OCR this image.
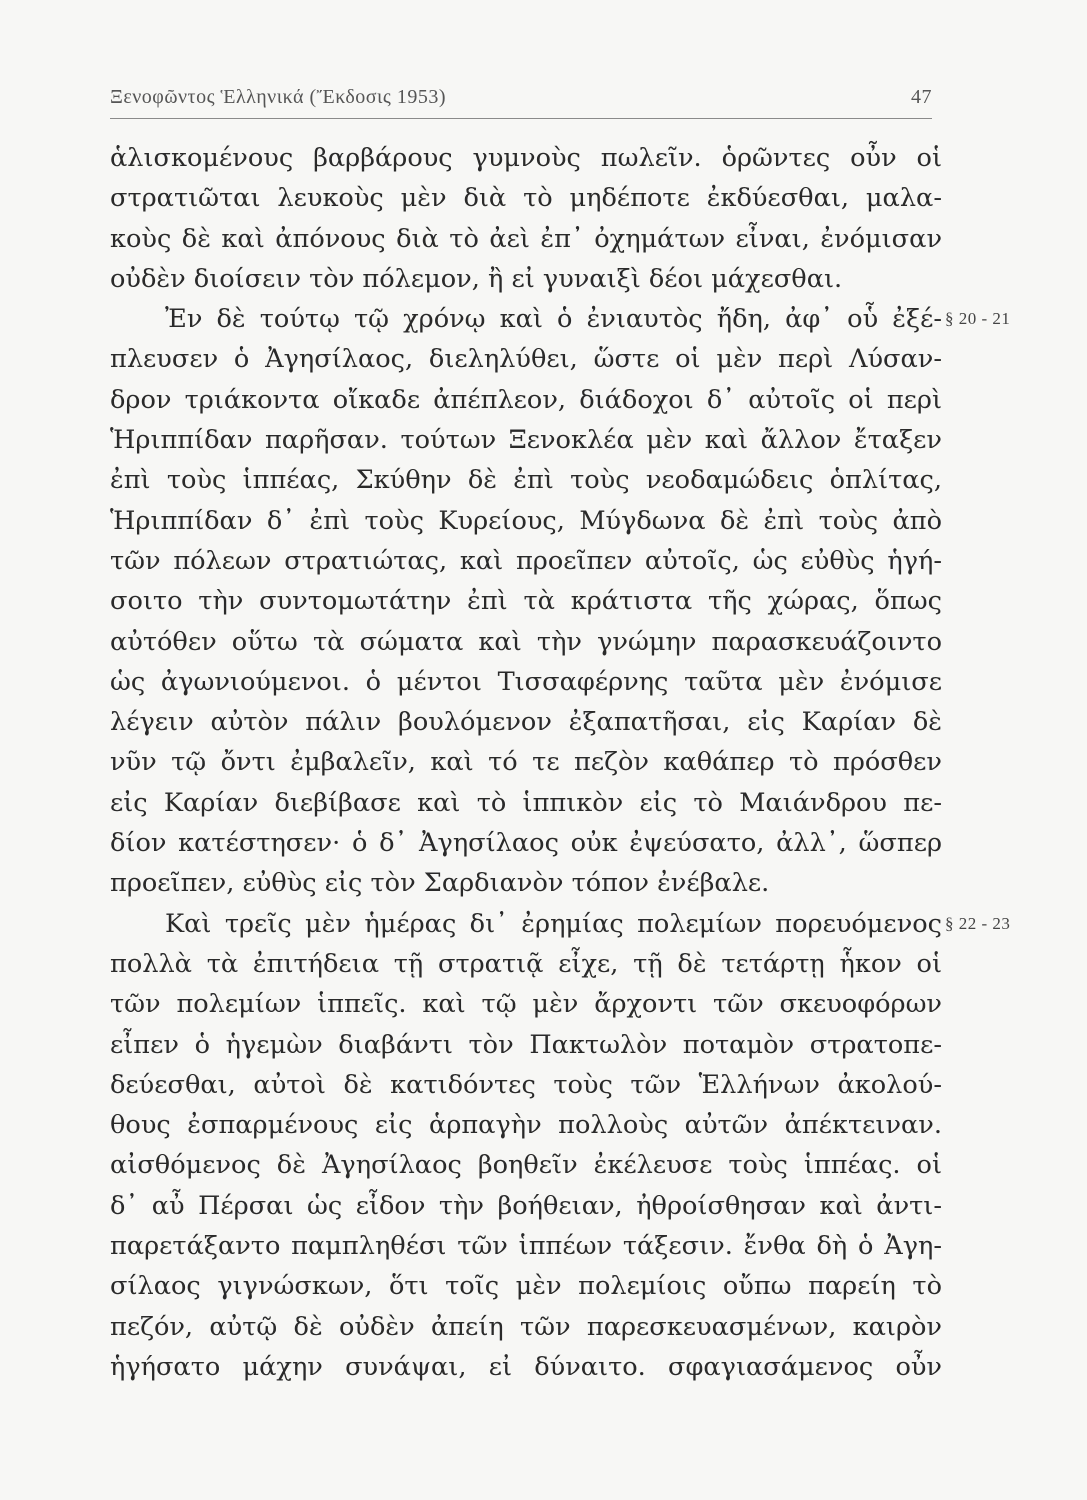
Ξενοφῶντος Ἑλληνικά (Ἔκδοσις 1953)	47
ἁλισκομένους βαρβάρους γυμνοὺς πωλεῖν. ὁρῶντες οὖν οἱ
στρατιῶται λευκοὺς μὲν διὰ τὸ μηδέποτε ἐκδύεσθαι, μαλα-
κοὺς δὲ καὶ ἀπόνους διὰ τὸ ἀεὶ ἐπ᾽ ὀχημάτων εἶναι, ἐνόμισαν
οὐδὲν διοίσειν τὸν πόλεμον, ἢ εἰ γυναιξὶ δέοι μάχεσθαι.
Ἐν δὲ τούτῳ τῷ χρόνῳ καὶ ὁ ἐνιαυτὸς ἤδη, ἀφ᾽ οὗ ἐξέ- § 20 - 21
πλευσεν ὁ Ἀγησίλαος, διεληλύθει, ὥστε οἱ μὲν περὶ Λύσαν-
δρον τριάκοντα οἴκαδε ἀπέπλεον, διάδοχοι δ᾽ αὐτοῖς οἱ περὶ
Ἡριππίδαν παρῆσαν. τούτων Ξενοκλέα μὲν καὶ ἄλλον ἔταξεν
ἐπὶ τοὺς ἱππέας, Σκύθην δὲ ἐπὶ τοὺς νεοδαμώδεις ὁπλίτας,
Ἡριππίδαν δ᾽ ἐπὶ τοὺς Κυρείους, Μύγδωνα δὲ ἐπὶ τοὺς ἀπὸ
τῶν πόλεων στρατιώτας, καὶ προεῖπεν αὐτοῖς, ὡς εὐθὺς ἡγή-
σοιτο τὴν συντομωτάτην ἐπὶ τὰ κράτιστα τῆς χώρας, ὅπως
αὐτόθεν οὕτω τὰ σώματα καὶ τὴν γνώμην παρασκευάζοιντο
ὡς ἀγωνιούμενοι. ὁ μέντοι Τισσαφέρνης ταῦτα μὲν ἐνόμισε
λέγειν αὐτὸν πάλιν βουλόμενον ἐξαπατῆσαι, εἰς Καρίαν δὲ
νῦν τῷ ὄντι ἐμβαλεῖν, καὶ τό τε πεζὸν καθάπερ τὸ πρόσθεν
εἰς Καρίαν διεβίβασε καὶ τὸ ἱππικὸν εἰς τὸ Μαιάνδρου πε-
δίον κατέστησεν· ὁ δ᾽ Ἀγησίλαος οὐκ ἐψεύσατο, ἀλλ᾽, ὥσπερ
προεῖπεν, εὐθὺς εἰς τὸν Σαρδιανὸν τόπον ἐνέβαλε.
Καὶ τρεῖς μὲν ἡμέρας δι᾽ ἐρημίας πολεμίων πορευόμενος § 22 - 23
πολλὰ τὰ ἐπιτήδεια τῇ στρατιᾷ εἶχε, τῇ δὲ τετάρτῃ ἧκον οἱ
τῶν πολεμίων ἱππεῖς. καὶ τῷ μὲν ἄρχοντι τῶν σκευοφόρων
εἶπεν ὁ ἡγεμὼν διαβάντι τὸν Πακτωλὸν ποταμὸν στρατοπε-
δεύεσθαι, αὐτοὶ δὲ κατιδόντες τοὺς τῶν Ἑλλήνων ἀκολού-
θους ἐσπαρμένους εἰς ἁρπαγὴν πολλοὺς αὐτῶν ἀπέκτειναν.
αἰσθόμενος δὲ Ἀγησίλαος βοηθεῖν ἐκέλευσε τοὺς ἱππέας. οἱ
δ᾽ αὖ Πέρσαι ὡς εἶδον τὴν βοήθειαν, ἠθροίσθησαν καὶ ἀντι-
παρετάξαντο παμπληθέσι τῶν ἱππέων τάξεσιν. ἔνθα δὴ ὁ Ἀγη-
σίλαος γιγνώσκων, ὅτι τοῖς μὲν πολεμίοις οὔπω παρείη τὸ
πεζόν, αὐτῷ δὲ οὐδὲν ἀπείη τῶν παρεσκευασμένων, καιρὸν
ἡγήσατο μάχην συνάψαι, εἰ δύναιτο. σφαγιασάμενος οὖν
